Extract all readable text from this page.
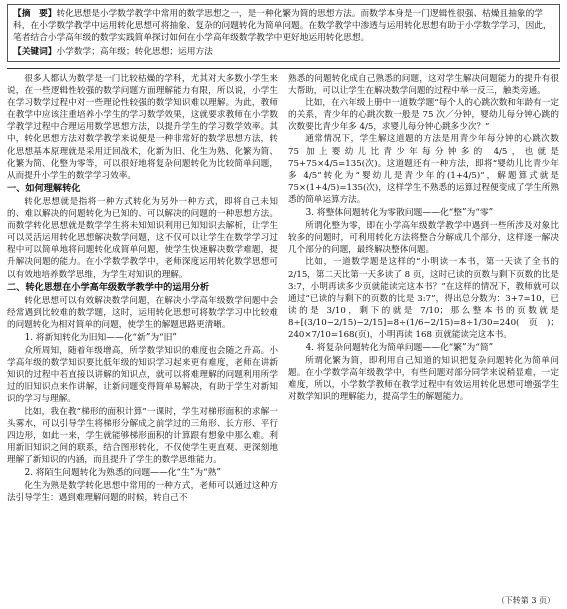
【摘　要】转化思想是小学数学教学中常用的数学思想之一，是一种化繁为简的思想方法。而数学本身是一门逻辑性很强、枯燥且抽象的学科，在小学数学教学中运用转化思想可将抽象、复杂的问题转化为简单问题。在数学教学中渗透与运用转化思想有助于小学数学学习，因此，笔者结合小学高年级的数学实践简单探讨如何在小学高年级数学教学中更好地运用转化思想。
【关键词】小学数学；高年级；转化思想；运用方法

很多人都认为数学是一门比较枯燥的学科，尤其对大多数小学生来说，在一些逻辑性较强的数学问题方面理解能力有限，所以说，小学生在学习数学过程中对一些理论性较强的数学知识难以理解。为此，教师在教学中应该注重培养小学生的学习数学效果，这就要求教师在小学数学教学过程中合理运用数学思想方法，以提升学生的学习数学效率。其中，转化思想方法对数学教学来说便是一种非常好的数学思想方法，转化思想基本原理就是采用迂回战术，化新为旧、化生为熟、化繁为简、化繁为简、化整为零等，可以很好地将复杂问题转化为比较简单问题，从而提升小学生的数学学习效率。

一、如何理解转化

转化思想就是指将一种方式转化为另外一种方式，即将自己未知的、难以解决的问题转化为已知的、可以解决的问题的一种思想方法。而数学转化思想就是数学学生将未知知识利用已知知识去解析，让学生可以灵活运用转化思想解决数学问题，这不仅可以让学生在数学学习过程中可以简单地将问题转化成简单问题，使学生快速解决数学难题，提升解决问题的能力。在小学数学教学中，老师深度运用转化数学思想可以有效地培养数学思维，为学生对知识的理解。

二、转化思想在小学高年级数学教学中的运用分析

转化思想可以有效解决数学问题，在解决小学高年级数学问题中会经常遇到比较难的数学题，这时，运用转化思想可将数学学习中比较难的问题转化为相对简单的问题，使学生的解题思路更清晰。

1. 将新知转化为旧知——化“新”为“旧”

众所周知，随着年级增高，所学数学知识的难度也会随之升高。小学高年级的数学知识要比低年级的知识学习起来更有难度，老师在讲新知识的过程中若直接以讲解的知识点，就可以将难理解的问题利用所学过的旧知识点来作讲解，让新问题变得简单易解决，有助于学生对新知识的学习与理解。

比如，我在教“梯形的面积计算”一课时，学生对梯形面积的求解一头雾水，可以引导学生将梯形分解成之前学过的三角形、长方形、平行四边形，如此一来，学生就能够梯形面积的计算跟有想象中那么难。利用新旧知识之间的联系，结合图形转化，不仅使学生更直观、更深刻地理解了新知识的内涵，而且提升了学生的数学思维能力。

2. 将陌生问题转化为熟悉的问题——化“生”为“熟”

化生为熟是数学转化思想中常用的一种方式，老师可以通过这种方法引导学生：遇到难理解问题的时候，转自己不

熟悉的问题转化成自己熟悉的问题，这对学生解决问题能力的提升有很大帮助，可以让学生在解决数学问题的过程中举一反三，触类旁通。

比如，在六年级上册中一道数学题“每个人的心跳次数和年龄有一定的关系，青少年的心跳次数一般是 75 次／分钟，婴幼儿每分钟心跳的次数要比青少年多 4/5，求婴儿每分钟心跳多少次？”

通常情况下，学生解这道题的方法是用青少年每分钟的心跳次数 75 加上婴幼儿比青少年每分钟多的 4/5，也就是 75+75×4/5=135(次)。这道题还有一种方法，即将“婴幼儿比青少年多 4/5”转化为“婴幼儿是青少年的(1+4/5)”，解题算式就是 75×(1+4/5)=135(次)，这样学生不熟悉的运算过程便变成了学生所熟悉的简单运算方法。

3. 将整体问题转化为零散问题——化“整”为“零”

所谓化整为零，即在小学高年级数学教学中遇到一些所涉及对象比较多的问题时，可利用转化方法将整合分解成几个部分，这样逐一解决几个部分的问题，最终解决整体问题。

比如，一道数学题是这样的“小明读一本书，第一天读了全书的 2/15，第二天比第一天多读了 8 页，这时已读的页数与剩下页数的比是 3:7，小明再读多少页就能读完这本书？”在这样的情况下，教师就可以通过“已读的与剩下的页数的比是 3:7”，得出总分数为：3+7=10，已读的是 3/10，剩下的就是 7/10；那么整本书的页数就是 8÷[(3/10−2/15)−2/15]=8÷(1/6−2/15)=8÷1/30=240(页)；240×7/10=168(页)，小明再读 168 页就能读完这本书。

4. 将复杂问题转化为简单问题——化“繁”为“简”

所谓化繁为简，即利用自己知道的知识把复杂问题转化为简单问题。在小学数学高年级教学中，有些问题对部分同学来说稍显难，一定难度，所以，小学数学教师在教学过程中有效运用转化思想可增强学生对数学知识的理解能力，提高学生的解题能力。

（下转第 3 页）
